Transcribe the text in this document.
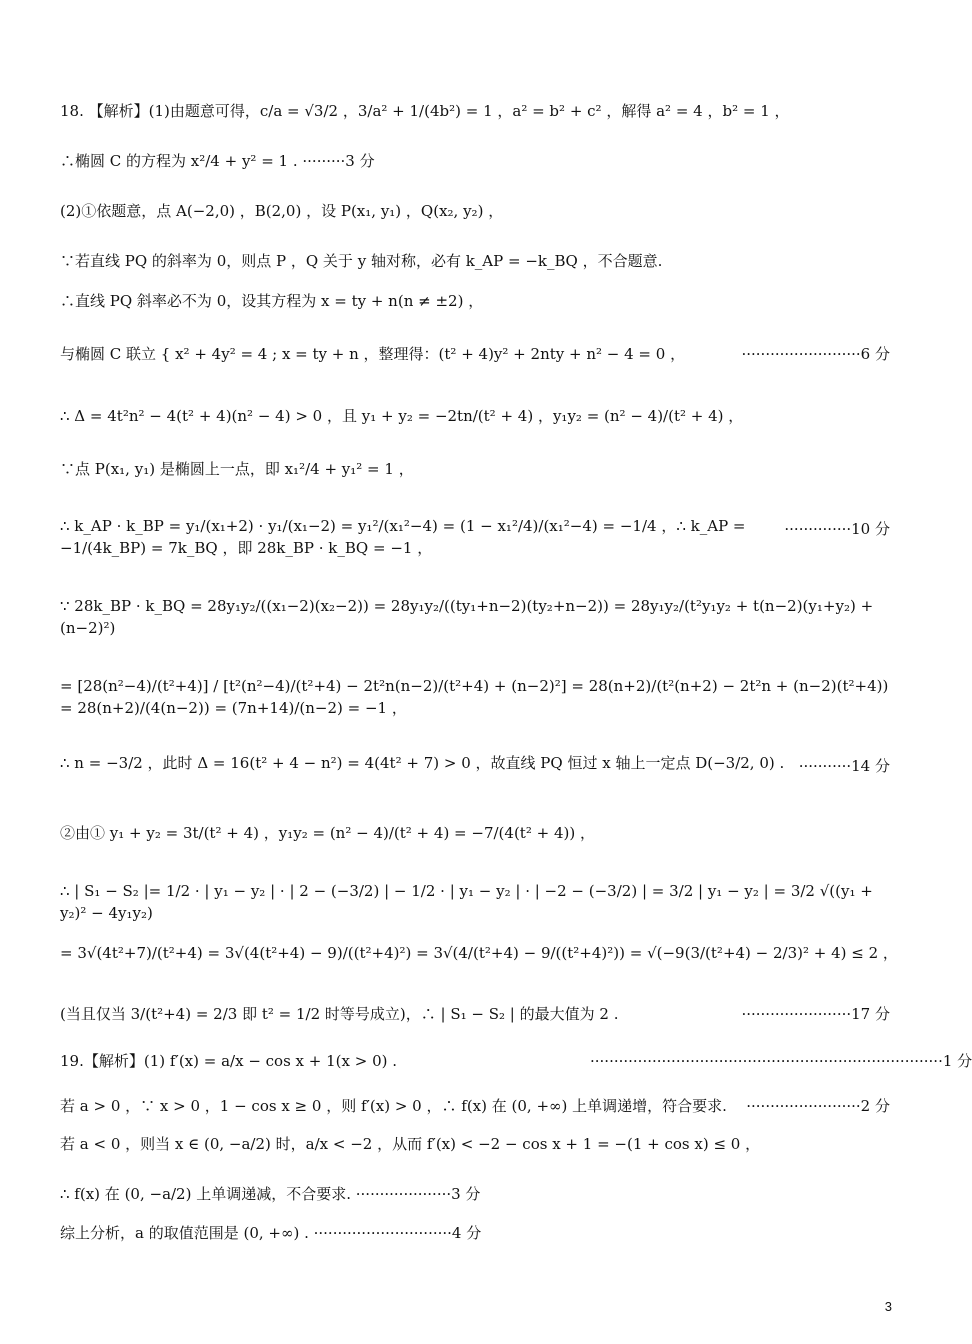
18. 【解析】(1)由题意可得，c/a = √3/2 ，3/a² + 1/(4b²) = 1 ，a² = b² + c² ，解得 a² = 4 ，b² = 1 ，
∴椭圆 C 的方程为 x²/4 + y² = 1 . ·········3 分
(2)①依题意，点 A(−2,0) ，B(2,0) ，设 P(x₁, y₁) ，Q(x₂, y₂) ，
∵若直线 PQ 的斜率为 0，则点 P ，Q 关于 y 轴对称，必有 k_AP = −k_BQ ，不合题意.
∴直线 PQ 斜率必不为 0，设其方程为 x = ty + n(n ≠ ±2) ，
与椭圆 C 联立 { x² + 4y² = 4 ; x = ty + n ，整理得：(t² + 4)y² + 2nty + n² − 4 = 0 ，	·························6 分
∴ Δ = 4t²n² − 4(t² + 4)(n² − 4) > 0 ，且 y₁ + y₂ = −2tn/(t² + 4) ，y₁y₂ = (n² − 4)/(t² + 4) ，
∵点 P(x₁, y₁) 是椭圆上一点，即 x₁²/4 + y₁² = 1 ，
∴ k_AP · k_BP = y₁/(x₁+2) · y₁/(x₁−2) = y₁²/(x₁²−4) = (1 − x₁²/4)/(x₁²−4) = −1/4 ，∴ k_AP = −1/(4k_BP) = 7k_BQ ，即 28k_BP · k_BQ = −1 ，
··············10 分
∵ 28k_BP · k_BQ = 28y₁y₂/((x₁−2)(x₂−2)) = 28y₁y₂/((ty₁+n−2)(ty₂+n−2)) = 28y₁y₂/(t²y₁y₂ + t(n−2)(y₁+y₂) + (n−2)²)
= [28(n²−4)/(t²+4)] / [t²(n²−4)/(t²+4) − 2t²n(n−2)/(t²+4) + (n−2)²] = 28(n+2)/(t²(n+2) − 2t²n + (n−2)(t²+4)) = 28(n+2)/(4(n−2)) = (7n+14)/(n−2) = −1 ，
∴ n = −3/2 ，此时 Δ = 16(t² + 4 − n²) = 4(4t² + 7) > 0 ，故直线 PQ 恒过 x 轴上一定点 D(−3/2, 0) . ···········14 分
②由① y₁ + y₂ = 3t/(t² + 4) ，y₁y₂ = (n² − 4)/(t² + 4) = −7/(4(t² + 4)) ，
∴ | S₁ − S₂ |= 1/2 · | y₁ − y₂ | · | 2 − (−3/2) | − 1/2 · | y₁ − y₂ | · | −2 − (−3/2) | = 3/2 | y₁ − y₂ | = 3/2 √((y₁ + y₂)² − 4y₁y₂)
= 3√(4t²+7)/(t²+4) = 3√(4(t²+4) − 9)/((t²+4)²) = 3√(4/(t²+4) − 9/((t²+4)²)) = √(−9(3/(t²+4) − 2/3)² + 4) ≤ 2 ，
(当且仅当 3/(t²+4) = 2/3 即 t² = 1/2 时等号成立)，∴ | S₁ − S₂ | 的最大值为 2 .	·······················17 分
19.【解析】(1) f′(x) = a/x − cos x + 1(x > 0) .	··········································································1 分
若 a > 0 ，∵ x > 0 ，1 − cos x ≥ 0 ，则 f′(x) > 0 ，∴ f(x) 在 (0, +∞) 上单调递增，符合要求.	························2 分
若 a < 0 ，则当 x ∈ (0, −a/2) 时，a/x < −2 ，从而 f′(x) < −2 − cos x + 1 = −(1 + cos x) ≤ 0 ，
∴ f(x) 在 (0, −a/2) 上单调递减，不合要求. ····················3 分
综上分析，a 的取值范围是 (0, +∞) . ·····························4 分
3
